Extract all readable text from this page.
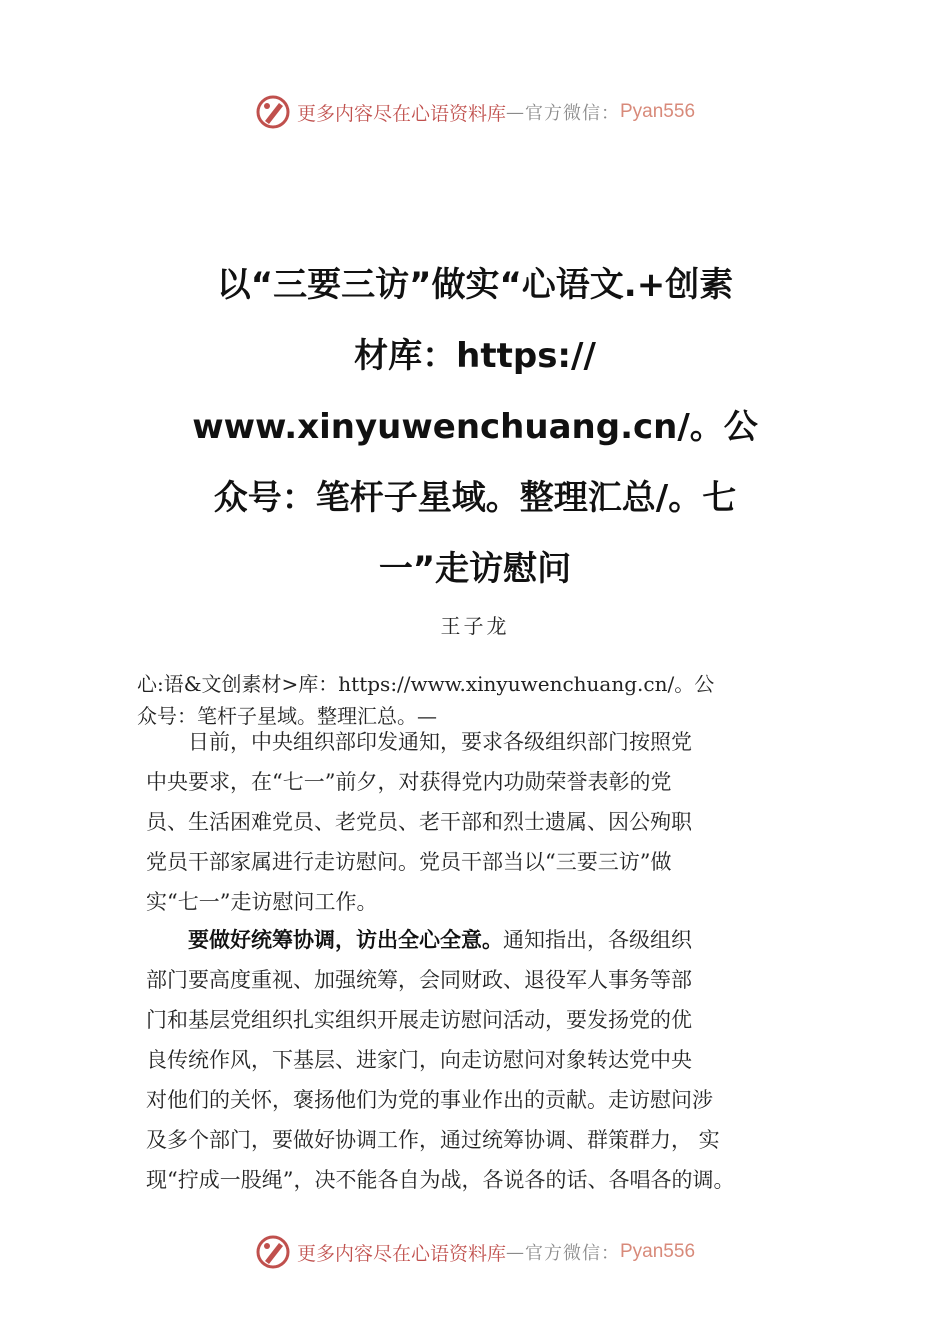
更多内容尽在心语资料库 — 官方微信： Pyan556
以“三要三访”做实“心语文.+创素
材库：https://
www.xinyuwenchuang.cn/。公
众号：笔杆子星域。整理汇总/。七
一”走访慰问
王子龙
心:语&文创素材>库：https://www.xinyuwenchuang.cn/。公
众号：笔杆子星域。整理汇总。—
　　日前，中央组织部印发通知，要求各级组织部门按照党
中央要求，在“七一”前夕，对获得党内功勋荣誉表彰的党
员、生活困难党员、老党员、老干部和烈士遗属、因公殉职
党员干部家属进行走访慰问。党员干部当以“三要三访”做
实“七一”走访慰问工作。
　　要做好统筹协调，访出全心全意。通知指出，各级组织
部门要高度重视、加强统筹，会同财政、退役军人事务等部
门和基层党组织扎实组织开展走访慰问活动，要发扬党的优
良传统作风，下基层、进家门，向走访慰问对象转达党中央
对他们的关怀，褒扬他们为党的事业作出的贡献。走访慰问涉
及多个部门，要做好协调工作，通过统筹协调、群策群力， 实
现“拧成一股绳”，决不能各自为战，各说各的话、各唱各的调。
更多内容尽在心语资料库 — 官方微信： Pyan556
